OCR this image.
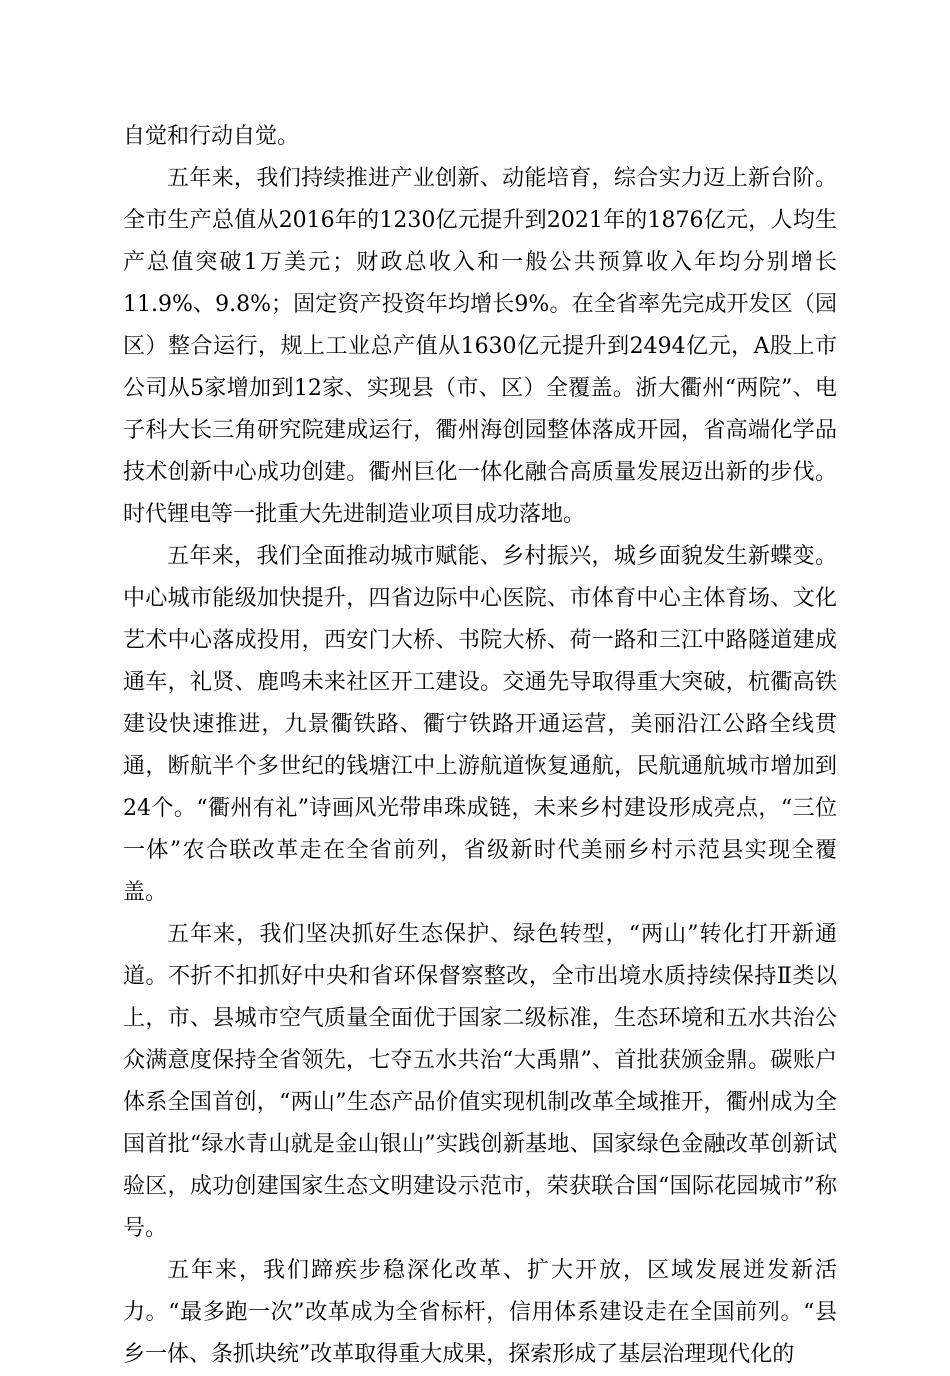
自觉和行动自觉。

五年来，我们持续推进产业创新、动能培育，综合实力迈上新台阶。全市生产总值从2016年的1230亿元提升到2021年的1876亿元，人均生产总值突破1万美元；财政总收入和一般公共预算收入年均分别增长11.9%、9.8%；固定资产投资年均增长9%。在全省率先完成开发区（园区）整合运行，规上工业总产值从1630亿元提升到2494亿元，A股上市公司从5家增加到12家、实现县（市、区）全覆盖。浙大衢州“两院”、电子科大长三角研究院建成运行，衢州海创园整体落成开园，省高端化学品技术创新中心成功创建。衢州巨化一体化融合高质量发展迈出新的步伐。时代锂电等一批重大先进制造业项目成功落地。

五年来，我们全面推动城市赋能、乡村振兴，城乡面貌发生新蝶变。中心城市能级加快提升，四省边际中心医院、市体育中心主体育场、文化艺术中心落成投用，西安门大桥、书院大桥、荷一路和三江中路隧道建成通车，礼贤、鹿鸣未来社区开工建设。交通先导取得重大突破，杭衢高铁建设快速推进，九景衢铁路、衢宁铁路开通运营，美丽沿江公路全线贯通，断航半个多世纪的钱塘江中上游航道恢复通航，民航通航城市增加到24个。“衢州有礼”诗画风光带串珠成链，未来乡村建设形成亮点，“三位一体”农合联改革走在全省前列，省级新时代美丽乡村示范县实现全覆盖。

五年来，我们坚决抓好生态保护、绿色转型，“两山”转化打开新通道。不折不扣抓好中央和省环保督察整改，全市出境水质持续保持Ⅱ类以上，市、县城市空气质量全面优于国家二级标准，生态环境和五水共治公众满意度保持全省领先，七夺五水共治“大禹鼎”、首批获颁金鼎。碳账户体系全国首创，“两山”生态产品价值实现机制改革全域推开，衢州成为全国首批“绿水青山就是金山银山”实践创新基地、国家绿色金融改革创新试验区，成功创建国家生态文明建设示范市，荣获联合国“国际花园城市”称号。

五年来，我们蹄疾步稳深化改革、扩大开放，区域发展迸发新活力。“最多跑一次”改革成为全省标杆，信用体系建设走在全国前列。“县乡一体、条抓块统”改革取得重大成果，探索形成了基层治理现代化的
